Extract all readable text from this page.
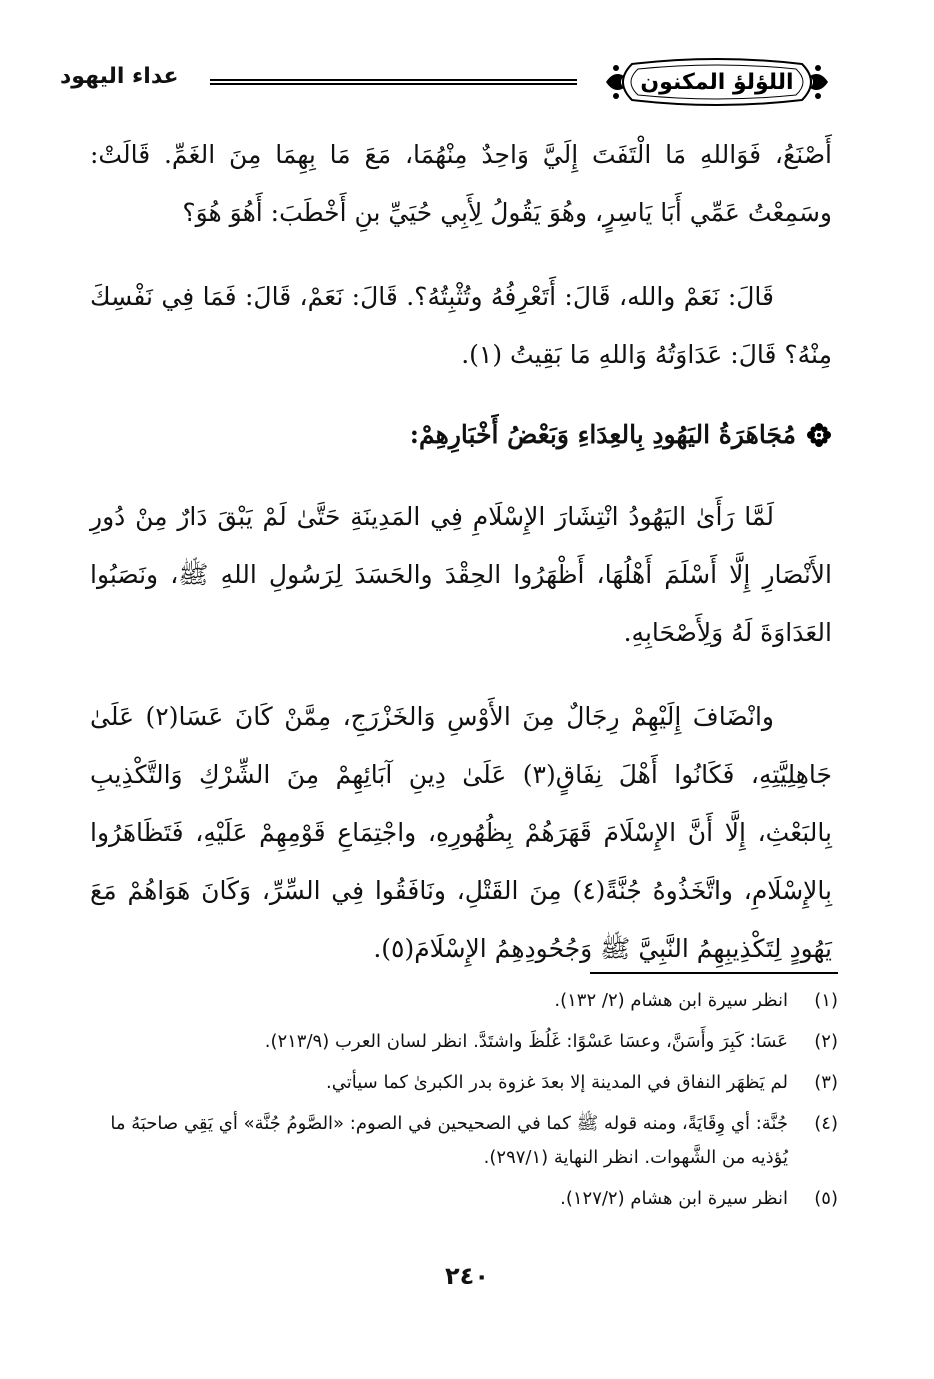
اللؤلؤ المكنون
عداء اليهود

أَصْنَعُ، فَوَاللهِ مَا الْتَفَتَ إِلَيَّ وَاحِدٌ مِنْهُمَا، مَعَ مَا بِهِمَا مِنَ الغَمِّ. قَالَتْ: وسَمِعْتُ عَمِّي أَبَا يَاسِرٍ، وهُوَ يَقُولُ لِأَبِي حُيَيِّ بنِ أَخْطَبَ: أَهُوَ هُوَ؟

قَالَ: نَعَمْ والله، قَالَ: أَتَعْرِفُهُ وتُثْبِتُهُ؟. قَالَ: نَعَمْ، قَالَ: فَمَا فِي نَفْسِكَ مِنْهُ؟ قَالَ: عَدَاوَتُهُ وَاللهِ مَا بَقِيتُ (١).

مُجَاهَرَةُ اليَهُودِ بِالعِدَاءِ وَبَعْضُ أَخْبَارِهِمْ:

لَمَّا رَأَىٰ اليَهُودُ انْتِشَارَ الإِسْلَامِ فِي المَدِينَةِ حَتَّىٰ لَمْ يَبْقَ دَارٌ مِنْ دُورِ الأَنْصَارِ إِلَّا أَسْلَمَ أَهْلُهَا، أَظْهَرُوا الحِقْدَ والحَسَدَ لِرَسُولِ اللهِ ﷺ، ونَصَبُوا العَدَاوَةَ لَهُ وَلِأَصْحَابِهِ.

وانْضَافَ إِلَيْهِمْ رِجَالٌ مِنَ الأَوْسِ وَالخَزْرَجِ، مِمَّنْ كَانَ عَسَا(٢) عَلَىٰ جَاهِلِيَّتِهِ، فَكَانُوا أَهْلَ نِفَاقٍ(٣) عَلَىٰ دِينِ آبَائِهِمْ مِنَ الشِّرْكِ وَالتَّكْذِيبِ بِالبَعْثِ، إِلَّا أَنَّ الإِسْلَامَ قَهَرَهُمْ بِظُهُورِهِ، واجْتِمَاعِ قَوْمِهِمْ عَلَيْهِ، فَتَظَاهَرُوا بِالإِسْلَامِ، واتَّخَذُوهُ جُنَّةً(٤) مِنَ القَتْلِ، ونَافَقُوا فِي السِّرِّ، وَكَانَ هَوَاهُمْ مَعَ يَهُودٍ لِتَكْذِيبِهِمُ النَّبِيَّ ﷺ وَجُحُودِهِمُ الإِسْلَامَ(٥).

(١)
انظر سيرة ابن هشام (٢/ ١٣٢).
(٢)
عَسَا: كَبِرَ وأَسَنَّ، وعسَا عَسْوًا: غَلُظَ واشتَدَّ. انظر لسان العرب (٢١٣/٩).
(٣)
لم يَظهَر النفاق في المدينة إلا بعدَ غزوة بدر الكبرىٰ كما سيأتي.
(٤)
جُنَّة: أي وِقَايَةً، ومنه قوله ﷺ كما في الصحيحين في الصوم: «الصَّومُ جُنَّة» أي يَقِي صاحبَهُ ما يُؤذيه من الشَّهوات. انظر النهاية (٢٩٧/١).
(٥)
انظر سيرة ابن هشام (١٢٧/٢).
٢٤٠
